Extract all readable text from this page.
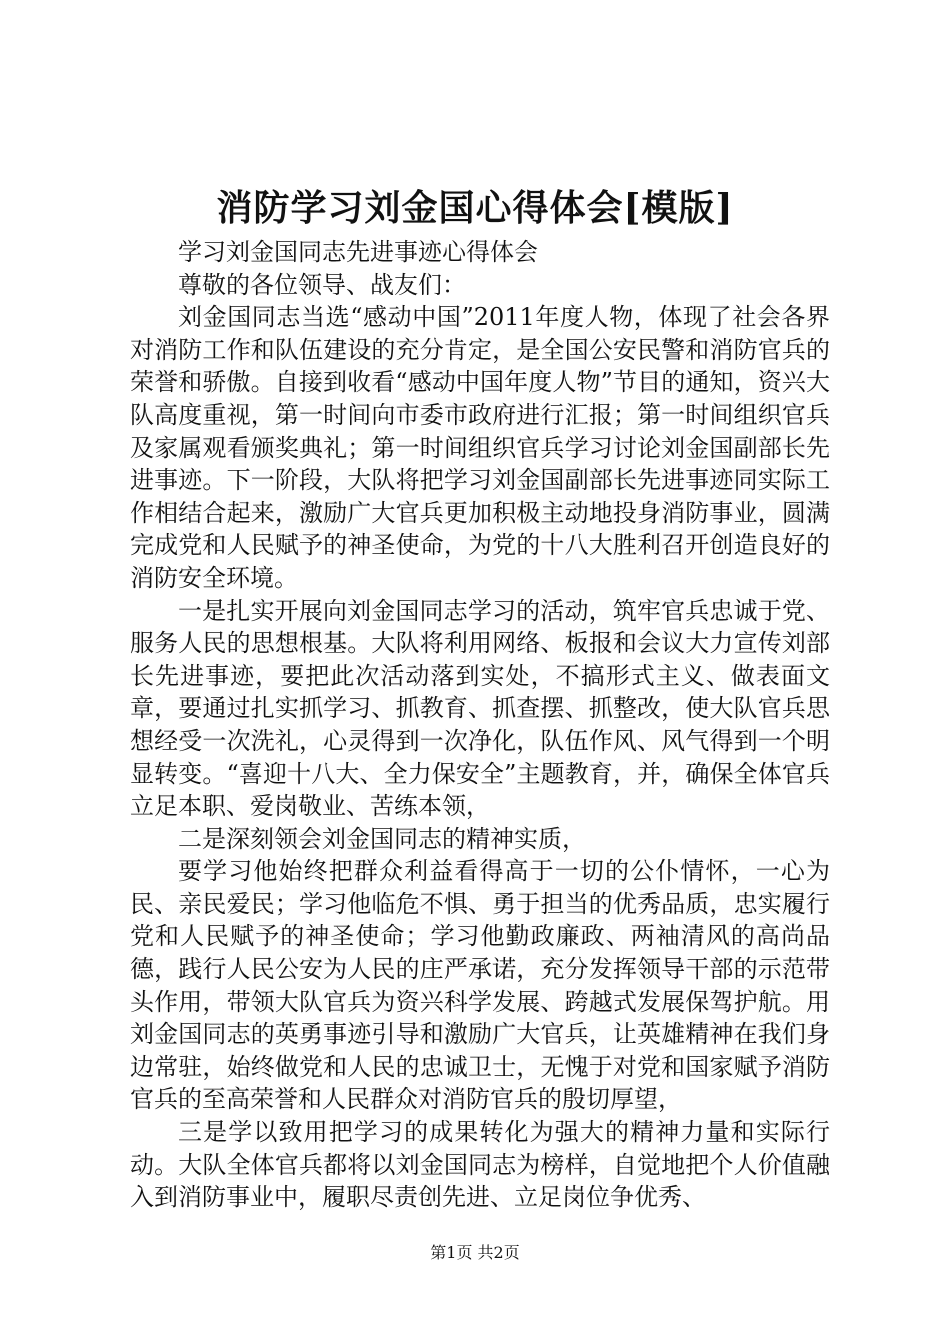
消防学习刘金国心得体会[模版]

学习刘金国同志先进事迹心得体会

尊敬的各位领导、战友们：

刘金国同志当选“感动中国”2011年度人物，体现了社会各界对消防工作和队伍建设的充分肯定，是全国公安民警和消防官兵的荣誉和骄傲。自接到收看“感动中国年度人物”节目的通知，资兴大队高度重视，第一时间向市委市政府进行汇报；第一时间组织官兵及家属观看颁奖典礼；第一时间组织官兵学习讨论刘金国副部长先进事迹。下一阶段，大队将把学习刘金国副部长先进事迹同实际工作相结合起来，激励广大官兵更加积极主动地投身消防事业，圆满完成党和人民赋予的神圣使命，为党的十八大胜利召开创造良好的消防安全环境。

一是扎实开展向刘金国同志学习的活动，筑牢官兵忠诚于党、服务人民的思想根基。大队将利用网络、板报和会议大力宣传刘部长先进事迹，要把此次活动落到实处，不搞形式主义、做表面文章，要通过扎实抓学习、抓教育、抓查摆、抓整改，使大队官兵思想经受一次洗礼，心灵得到一次净化，队伍作风、风气得到一个明显转变。“喜迎十八大、全力保安全”主题教育，并，确保全体官兵立足本职、爱岗敬业、苦练本领，

二是深刻领会刘金国同志的精神实质，

要学习他始终把群众利益看得高于一切的公仆情怀，一心为民、亲民爱民；学习他临危不惧、勇于担当的优秀品质，忠实履行党和人民赋予的神圣使命；学习他勤政廉政、两袖清风的高尚品德，践行人民公安为人民的庄严承诺，充分发挥领导干部的示范带头作用，带领大队官兵为资兴科学发展、跨越式发展保驾护航。用刘金国同志的英勇事迹引导和激励广大官兵，让英雄精神在我们身边常驻，始终做党和人民的忠诚卫士，无愧于对党和国家赋予消防官兵的至高荣誉和人民群众对消防官兵的殷切厚望，

三是学以致用把学习的成果转化为强大的精神力量和实际行动。大队全体官兵都将以刘金国同志为榜样，自觉地把个人价值融入到消防事业中，履职尽责创先进、立足岗位争优秀、

第1页 共2页
